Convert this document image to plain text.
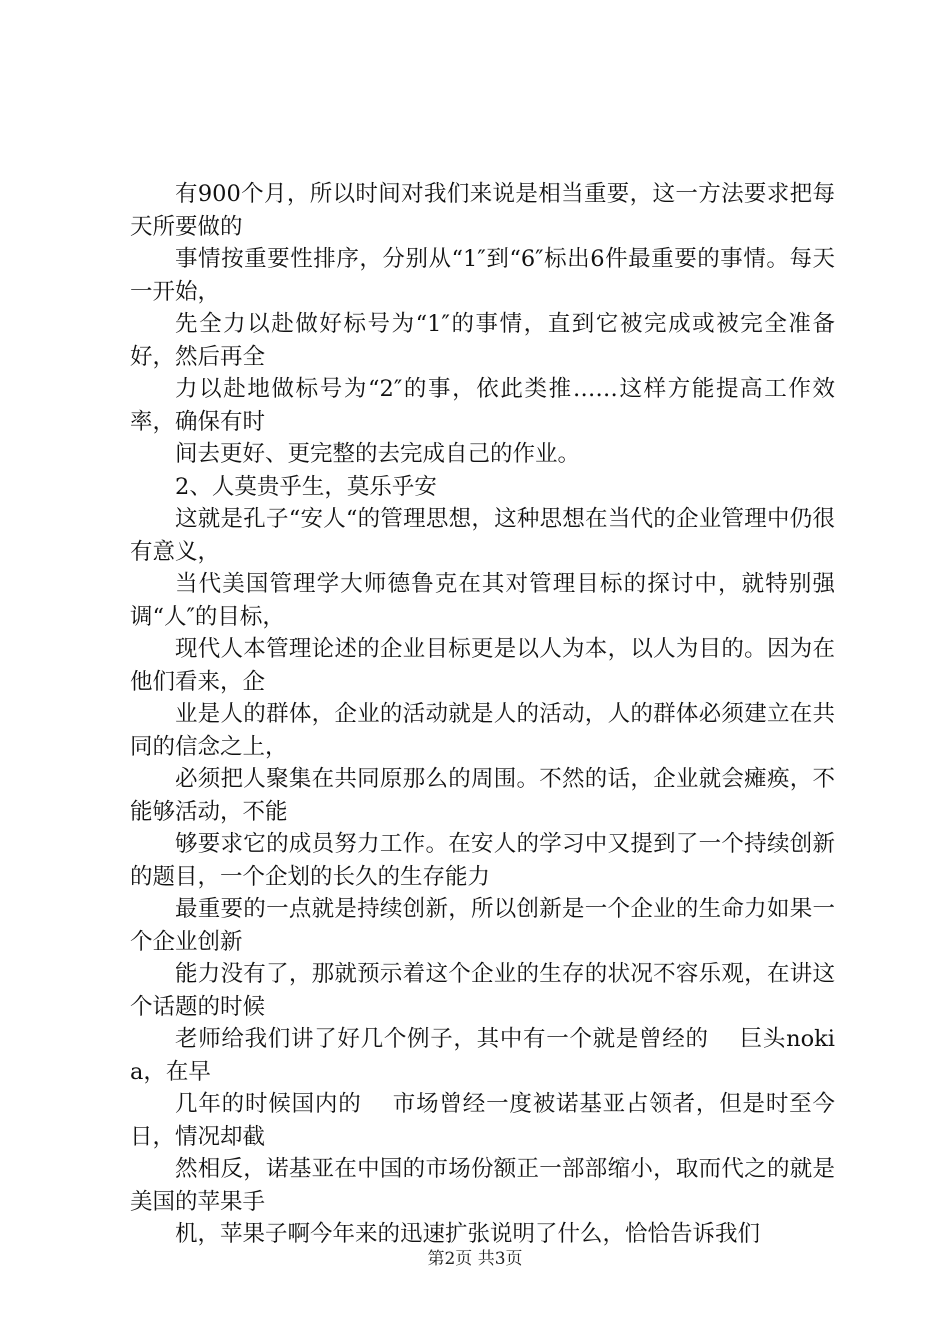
有900个月，所以时间对我们来说是相当重要，这一方法要求把每天所要做的

事情按重要性排序，分别从“1″到“6″标出6件最重要的事情。每天一开始，

先全力以赴做好标号为“1″的事情，直到它被完成或被完全准备好，然后再全

力以赴地做标号为“2″的事，依此类推……这样方能提高工作效率，确保有时

间去更好、更完整的去完成自己的作业。

2、人莫贵乎生，莫乐乎安

这就是孔子“安人“的管理思想，这种思想在当代的企业管理中仍很有意义，

当代美国管理学大师德鲁克在其对管理目标的探讨中，就特别强调“人″的目标，

现代人本管理论述的企业目标更是以人为本，以人为目的。因为在他们看来，企

业是人的群体，企业的活动就是人的活动，人的群体必须建立在共同的信念之上，

必须把人聚集在共同原那么的周围。不然的话，企业就会瘫痪，不能够活动，不能

够要求它的成员努力工作。在安人的学习中又提到了一个持续创新的题目，一个企划的长久的生存能力

最重要的一点就是持续创新，所以创新是一个企业的生命力如果一个企业创新

能力没有了，那就预示着这个企业的生存的状况不容乐观，在讲这个话题的时候

老师给我们讲了好几个例子，其中有一个就是曾经的　 巨头nokia，在早

几年的时候国内的　 市场曾经一度被诺基亚占领者，但是时至今日，情况却截

然相反，诺基亚在中国的市场份额正一部部缩小，取而代之的就是美国的苹果手

机，苹果子啊今年来的迅速扩张说明了什么，恰恰告诉我们

第2页 共3页
